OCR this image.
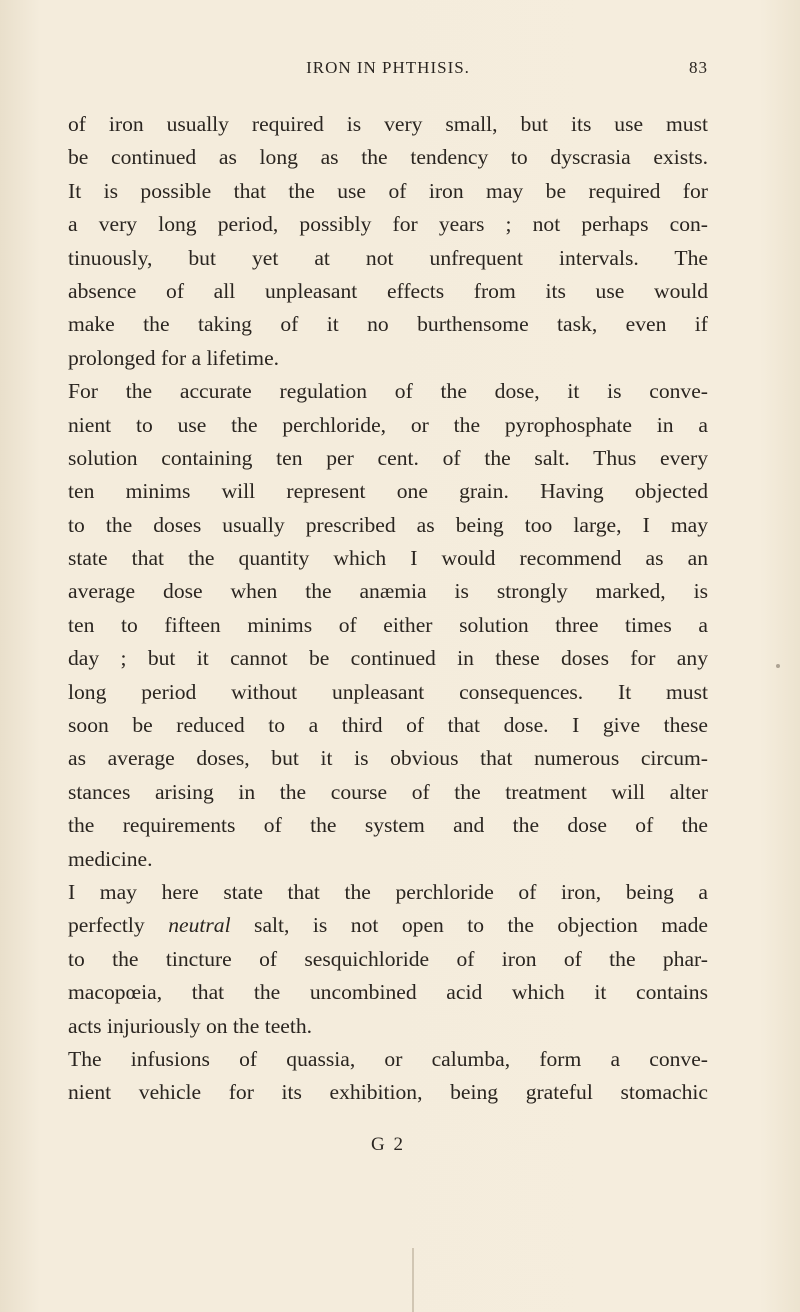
IRON IN PHTHISIS.	83
of iron usually required is very small, but its use must
be continued as long as the tendency to dyscrasia exists.
It is possible that the use of iron may be required for
a very long period, possibly for years ; not perhaps con-
tinuously, but yet at not unfrequent intervals. The
absence of all unpleasant effects from its use would
make the taking of it no burthensome task, even if
prolonged for a lifetime.
For the accurate regulation of the dose, it is conve-
nient to use the perchloride, or the pyrophosphate in a
solution containing ten per cent. of the salt. Thus every
ten minims will represent one grain. Having objected
to the doses usually prescribed as being too large, I may
state that the quantity which I would recommend as an
average dose when the anæmia is strongly marked, is
ten to fifteen minims of either solution three times a
day ; but it cannot be continued in these doses for any
long period without unpleasant consequences. It must
soon be reduced to a third of that dose. I give these
as average doses, but it is obvious that numerous circum-
stances arising in the course of the treatment will alter
the requirements of the system and the dose of the
medicine.
I may here state that the perchloride of iron, being a
perfectly neutral salt, is not open to the objection made
to the tincture of sesquichloride of iron of the phar-
macopœia, that the uncombined acid which it contains
acts injuriously on the teeth.
The infusions of quassia, or calumba, form a conve-
nient vehicle for its exhibition, being grateful stomachic
G 2
